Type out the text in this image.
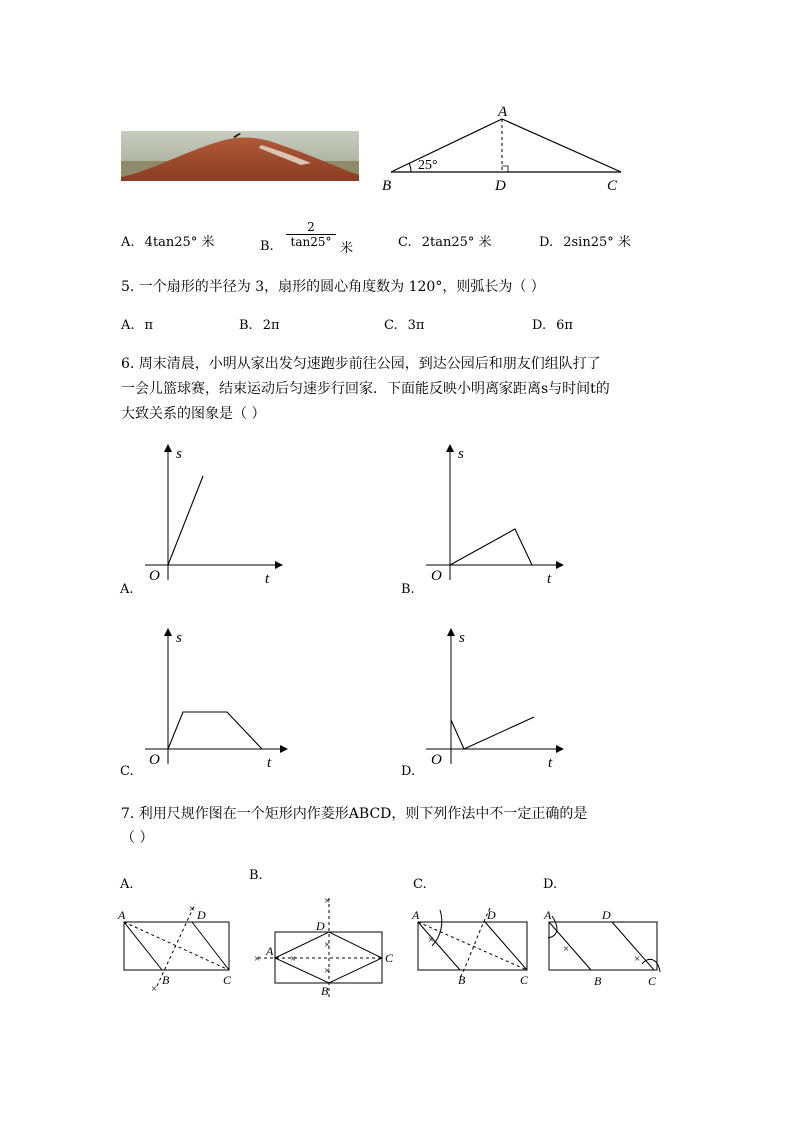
A
B	D	C
25°
A. 4tan25° 米	B.
2
tan25° 米	C. 2tan25° 米	D. 2sin25° 米
5. 一个扇形的半径为 3，扇形的圆心角度数为 120°，则弧长为（ ）
A. π	B. 2π	C. 3π	D. 6π
6. 周末清晨，小明从家出发匀速跑步前往公园，到达公园后和朋友们组队打了
一会儿篮球赛，结束运动后匀速步行回家．下面能反映小明离家距离s与时间t的
大致关系的图象是（ ）
s
t
O
A.
s
t
O
B.
s
t
O
C.
s
t
O
D.
7. 利用尺规作图在一个矩形内作菱形ABCD，则下列作法中不一定正确的是
（ ）
A.
B.
C.	D.
×
×
A	D
B	C
×
×	×
×
×
D
A	C
B
×
A	D
B	C
×
×
A	D
B	C
